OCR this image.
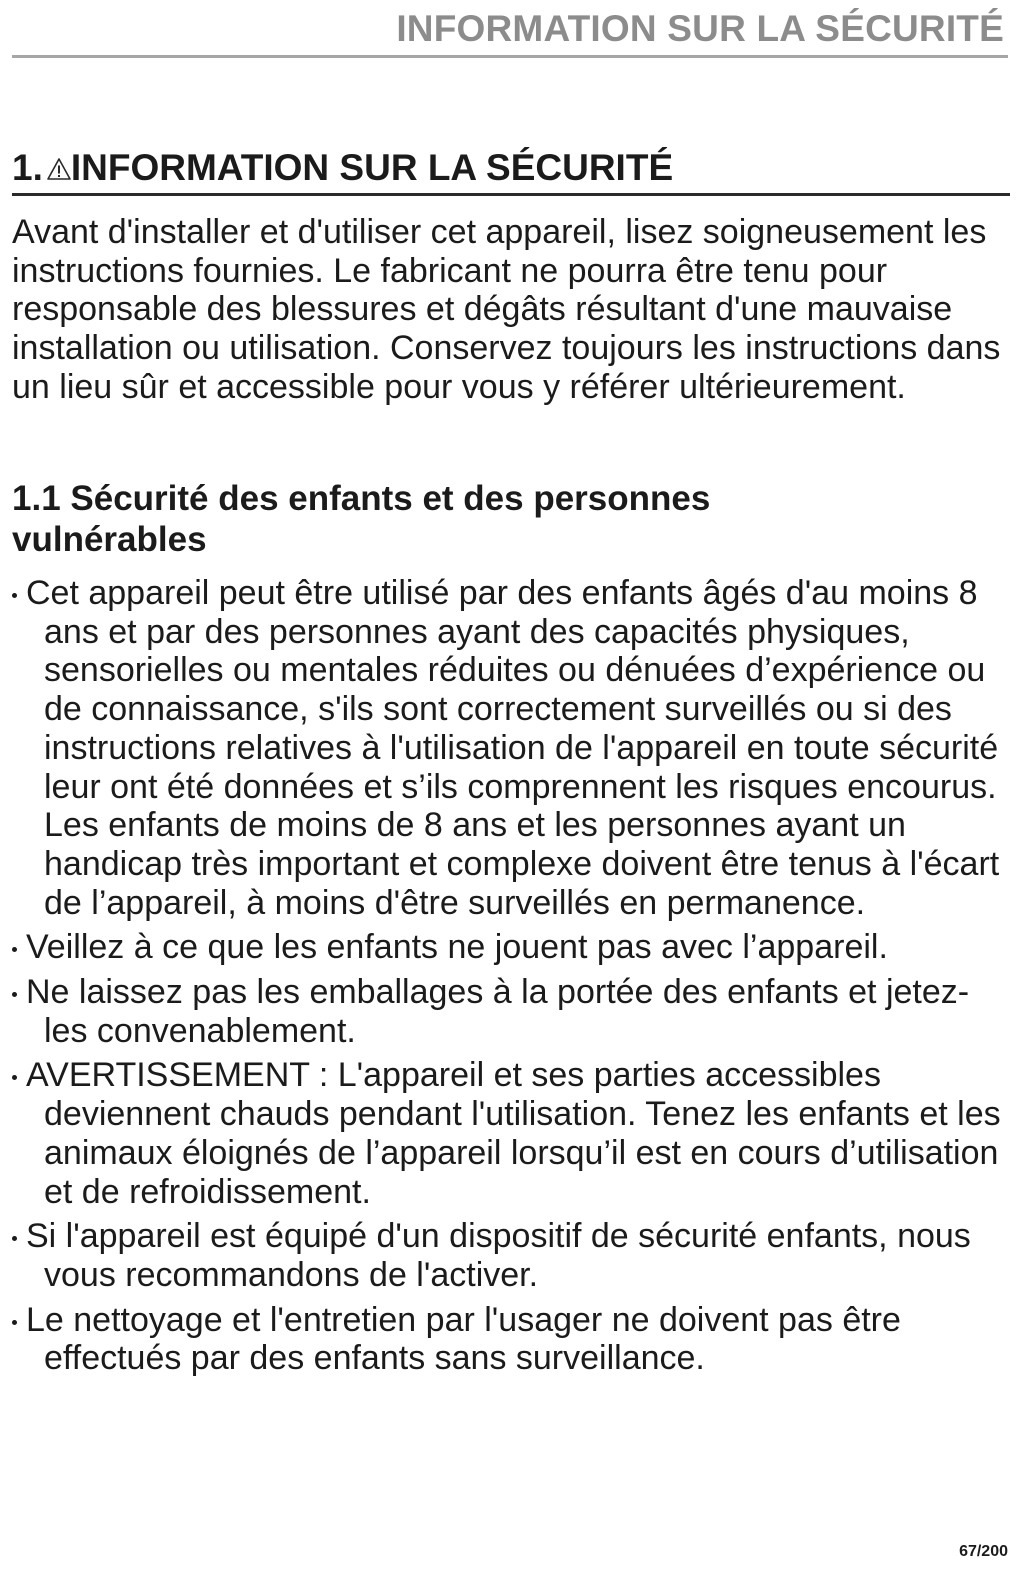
INFORMATION SUR LA SÉCURITÉ
1. INFORMATION SUR LA SÉCURITÉ

Avant d'installer et d'utiliser cet appareil, lisez soigneusement les instructions fournies. Le fabricant ne pourra être tenu pour responsable des blessures et dégâts résultant d'une mauvaise installation ou utilisation. Conservez toujours les instructions dans un lieu sûr et accessible pour vous y référer ultérieurement.

1.1 Sécurité des enfants et des personnes vulnérables
Cet appareil peut être utilisé par des enfants âgés d'au moins 8 ans et par des personnes ayant des capacités physiques, sensorielles ou mentales réduites ou dénuées d’expérience ou de connaissance, s'ils sont correctement surveillés ou si des instructions relatives à l'utilisation de l'appareil en toute sécurité leur ont été données et s’ils comprennent les risques encourus. Les enfants de moins de 8 ans et les personnes ayant un handicap très important et complexe doivent être tenus à l'écart de l’appareil, à moins d'être surveillés en permanence.
Veillez à ce que les enfants ne jouent pas avec l’appareil.
Ne laissez pas les emballages à la portée des enfants et jetez-les convenablement.
AVERTISSEMENT : L'appareil et ses parties accessibles deviennent chauds pendant l'utilisation. Tenez les enfants et les animaux éloignés de l’appareil lorsqu’il est en cours d’utilisation et de refroidissement.
Si l'appareil est équipé d'un dispositif de sécurité enfants, nous vous recommandons de l'activer.
Le nettoyage et l'entretien par l'usager ne doivent pas être effectués par des enfants sans surveillance.
67/200
